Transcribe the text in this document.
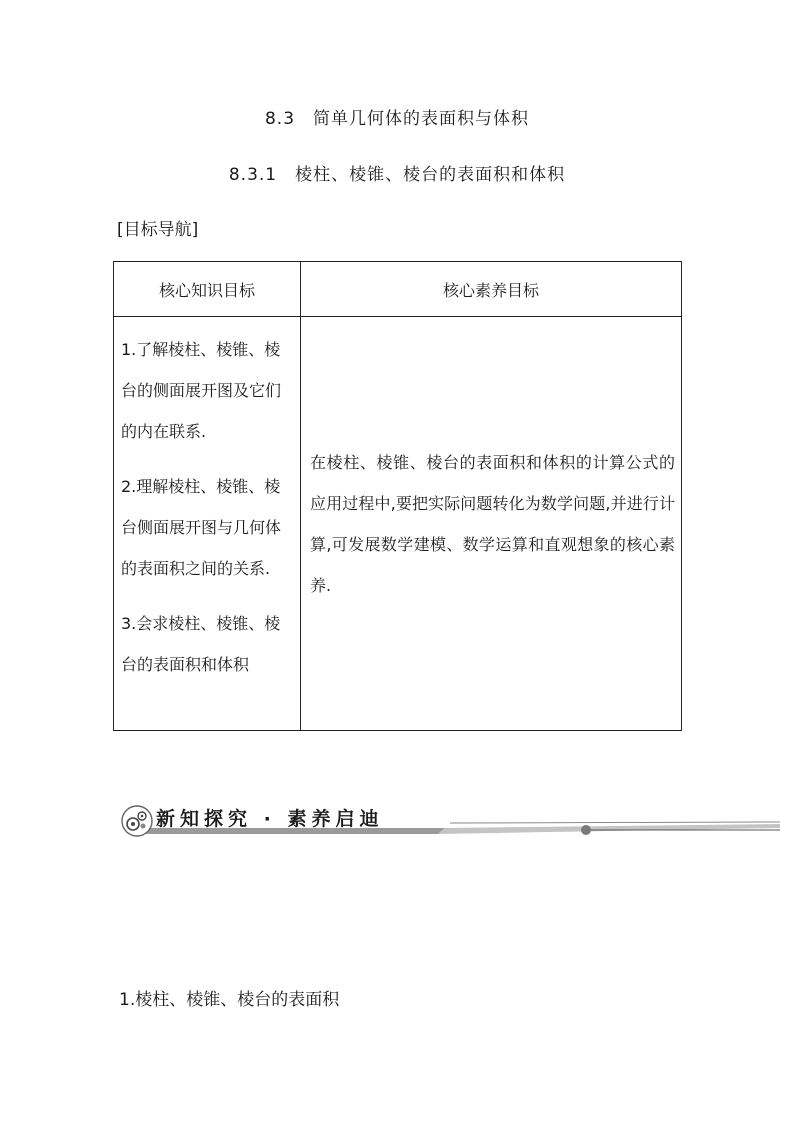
8.3　简单几何体的表面积与体积
8.3.1　棱柱、棱锥、棱台的表面积和体积
[目标导航]
核心知识目标	核心素养目标

1.了解棱柱、棱锥、棱台的侧面展开图及它们的内在联系.

2.理解棱柱、棱锥、棱台侧面展开图与几何体的表面积之间的关系.

3.会求棱柱、棱锥、棱台的表面积和体积	在棱柱、棱锥、棱台的表面积和体积的计算公式的应用过程中,要把实际问题转化为数学问题,并进行计算,可发展数学建模、数学运算和直观想象的核心素养.
新知探究 · 素养启迪
1.棱柱、棱锥、棱台的表面积
